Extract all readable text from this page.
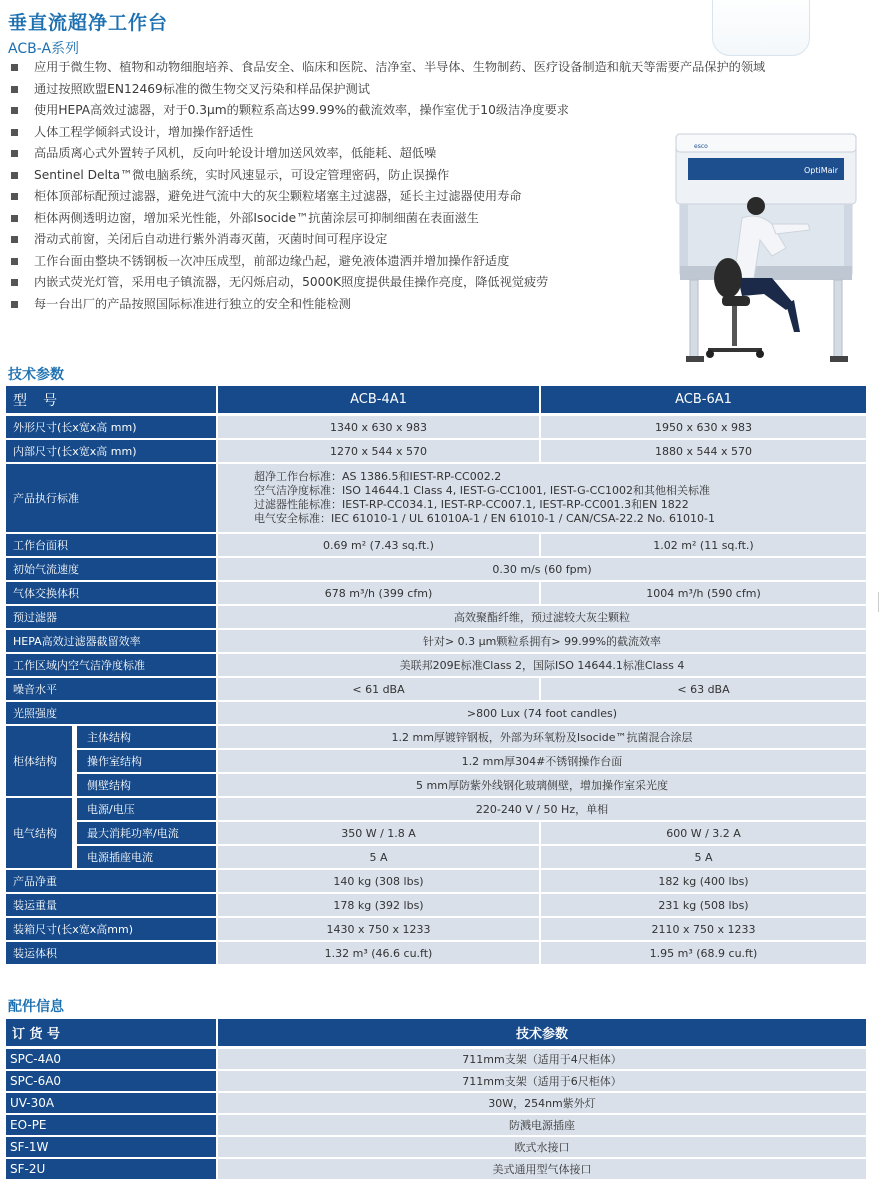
垂直流超净工作台
ACB-A系列
应用于微生物、植物和动物细胞培养、食品安全、临床和医院、洁净室、半导体、生物制药、医疗设备制造和航天等需要产品保护的领域
通过按照欧盟EN12469标准的微生物交叉污染和样品保护测试
使用HEPA高效过滤器，对于0.3μm的颗粒系高达99.99%的截流效率，操作室优于10级洁净度要求
人体工程学倾斜式设计，增加操作舒适性
高品质离心式外置转子风机，反向叶轮设计增加送风效率，低能耗、超低噪
Sentinel Delta™微电脑系统，实时风速显示，可设定管理密码，防止误操作
柜体顶部标配预过滤器，避免进气流中大的灰尘颗粒堵塞主过滤器，延长主过滤器使用寿命
柜体两侧透明边窗，增加采光性能，外部Isocide™抗菌涂层可抑制细菌在表面滋生
滑动式前窗，关闭后自动进行紫外消毒灭菌，灭菌时间可程序设定
工作台面由整块不锈钢板一次冲压成型，前部边缘凸起，避免液体遗洒并增加操作舒适度
内嵌式荧光灯管，采用电子镇流器，无闪烁启动，5000K照度提供最佳操作亮度，降低视觉疲劳
每一台出厂的产品按照国际标准进行独立的安全和性能检测
esco
OptiMair
技术参数
型　号		ACB-4A1	ACB-6A1
外形尺寸(长x宽x高 mm)		1340 x 630 x 983	1950 x 630 x 983
内部尺寸(长x宽x高 mm)		1270 x 544 x 570	1880 x 544 x 570
产品执行标准		超净工作台标准：AS 1386.5和IEST-RP-CC002.2
空气洁净度标准：ISO 14644.1 Class 4, IEST-G-CC1001, IEST-G-CC1002和其他相关标准
过滤器性能标准：IEST-RP-CC034.1, IEST-RP-CC007.1, IEST-RP-CC001.3和EN 1822
电气安全标准：IEC 61010-1 / UL 61010A-1 / EN 61010-1 / CAN/CSA-22.2 No. 61010-1	

工作台面积		0.69 m² (7.43 sq.ft.)	1.02 m² (11 sq.ft.)
初始气流速度		0.30 m/s (60 fpm)	
气体交换体积		678 m³/h (399 cfm)	1004 m³/h (590 cfm)
预过滤器		高效聚酯纤维，预过滤较大灰尘颗粒	
HEPA高效过滤器截留效率		针对> 0.3 μm颗粒系拥有> 99.99%的截流效率	
工作区域内空气洁净度标准		美联邦209E标准Class 2，国际ISO 14644.1标准Class 4	
噪音水平		< 61 dBA	< 63 dBA
光照强度		>800 Lux (74 foot candles)	
柜体结构	主体结构	1.2 mm厚镀锌钢板，外部为环氧粉及Isocide™抗菌混合涂层	
	操作室结构	1.2 mm厚304#不锈钢操作台面	
	侧壁结构	5 mm厚防紫外线钢化玻璃侧壁，增加操作室采光度	
电气结构	电源/电压	220-240 V / 50 Hz，单相	
	最大消耗功率/电流	350 W / 1.8 A	600 W / 3.2 A
	电源插座电流	5 A	5 A
产品净重		140 kg (308 lbs)	182 kg (400 lbs)
装运重量		178 kg (392 lbs)	231 kg (508 lbs)
装箱尺寸(长x宽x高mm)		1430 x 750 x 1233	2110 x 750 x 1233
装运体积		1.32 m³ (46.6 cu.ft)	1.95 m³ (68.9 cu.ft)
配件信息
订 货 号	技术参数
SPC-4A0	711mm支架（适用于4尺柜体）
SPC-6A0	711mm支架（适用于6尺柜体）
UV-30A	30W，254nm紫外灯
EO-PE	防溅电源插座
SF-1W	欧式水接口
SF-2U	美式通用型气体接口
